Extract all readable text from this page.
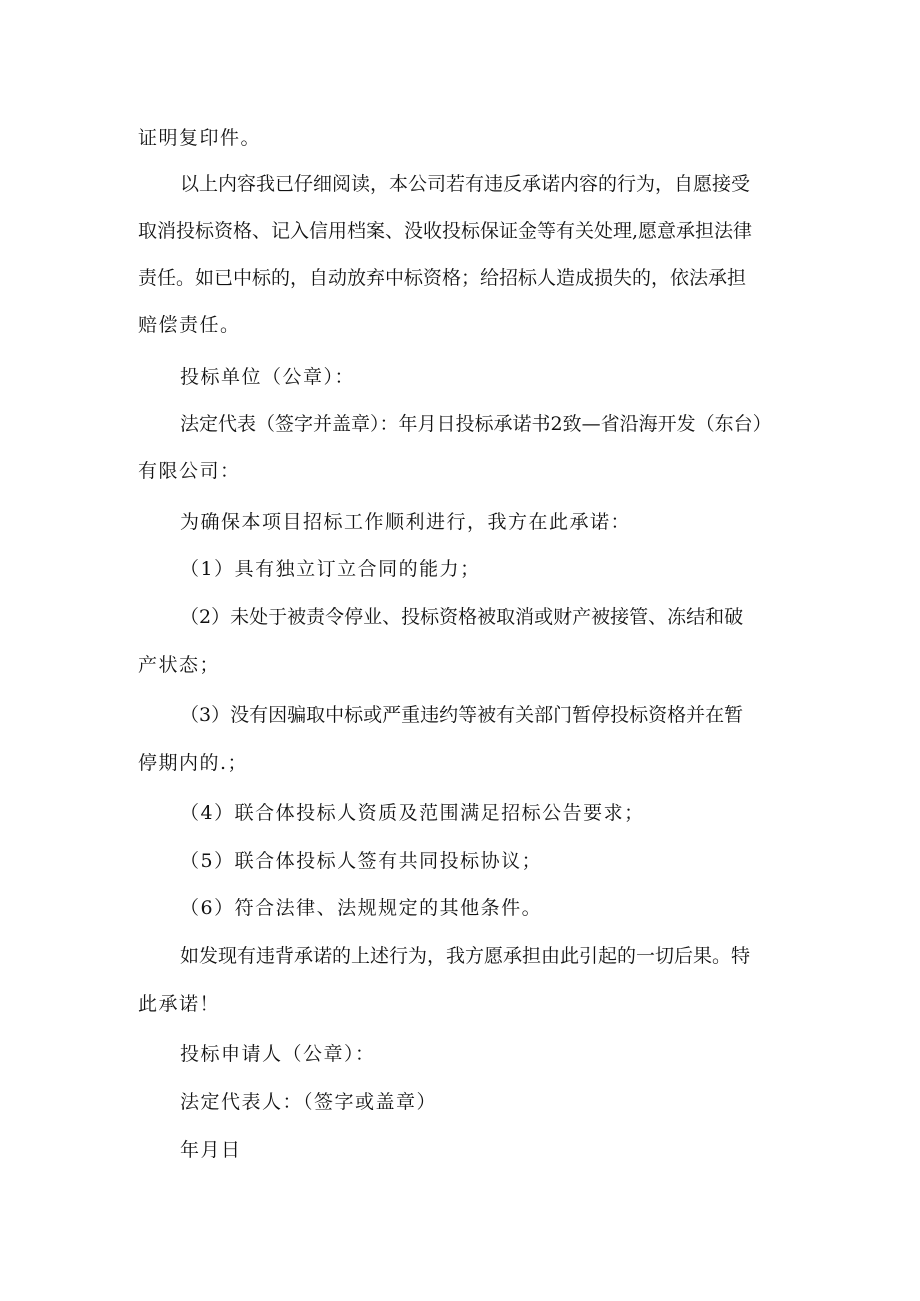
证明复印件。
以上内容我已仔细阅读，本公司若有违反承诺内容的行为，自愿接受
取消投标资格、记入信用档案、没收投标保证金等有关处理,愿意承担法律
责任。如已中标的，自动放弃中标资格；给招标人造成损失的，依法承担
赔偿责任。
投标单位（公章）：
法定代表（签字并盖章）：年月日投标承诺书2致—省沿海开发（东台）
有限公司：
为确保本项目招标工作顺利进行，我方在此承诺：
（1）具有独立订立合同的能力；
（2）未处于被责令停业、投标资格被取消或财产被接管、冻结和破
产状态；
（3）没有因骗取中标或严重违约等被有关部门暂停投标资格并在暂
停期内的.；
（4）联合体投标人资质及范围满足招标公告要求；
（5）联合体投标人签有共同投标协议；
（6）符合法律、法规规定的其他条件。
如发现有违背承诺的上述行为，我方愿承担由此引起的一切后果。特
此承诺！
投标申请人（公章）：
法定代表人：（签字或盖章）
年月日
